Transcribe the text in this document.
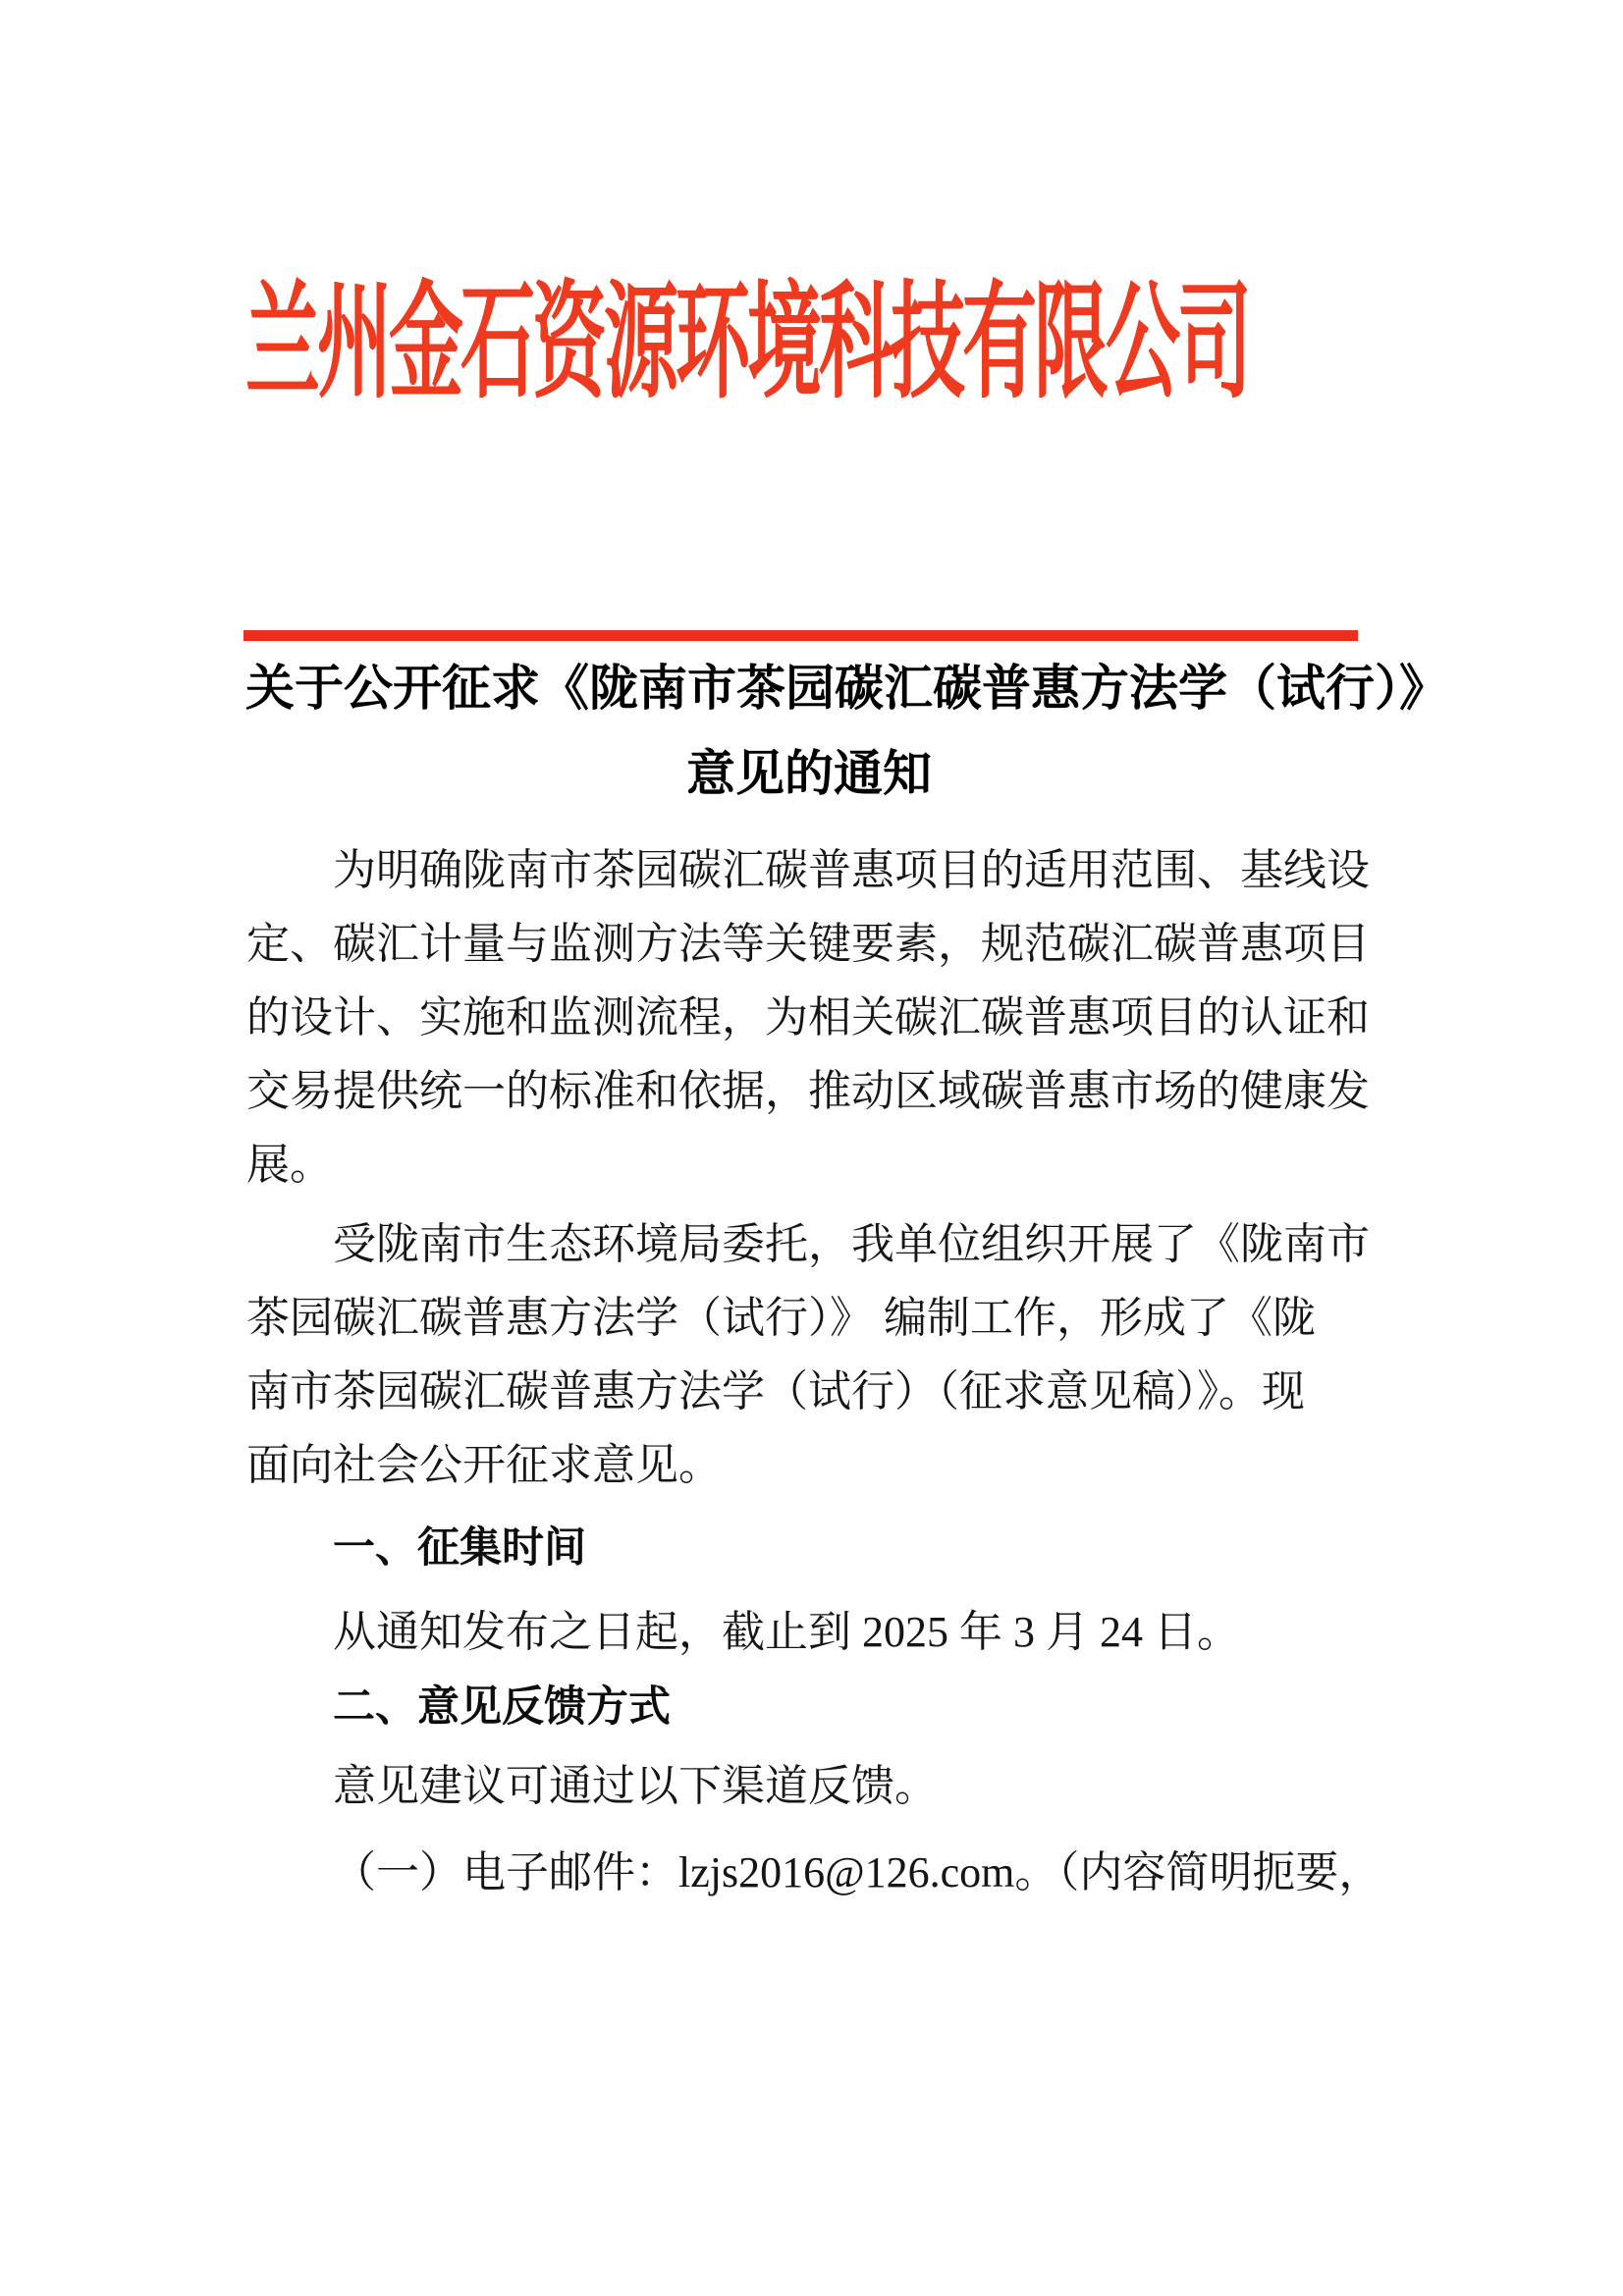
兰州金石资源环境科技有限公司
关于公开征求《陇南市茶园碳汇碳普惠方法学（试行）》
意见的通知
为明确陇南市茶园碳汇碳普惠项目的适用范围、基线设
定、碳汇计量与监测方法等关键要素，规范碳汇碳普惠项目
的设计、实施和监测流程，为相关碳汇碳普惠项目的认证和
交易提供统一的标准和依据，推动区域碳普惠市场的健康发
展。
受陇南市生态环境局委托，我单位组织开展了《陇南市
茶园碳汇碳普惠方法学（试行）》 编制工作，形成了《陇
南市茶园碳汇碳普惠方法学（试行）（征求意见稿）》。现
面向社会公开征求意见。
一、征集时间
从通知发布之日起，截止到 2025 年 3 月 24 日。
二、意见反馈方式
意见建议可通过以下渠道反馈。
（一）电子邮件：lzjs2016@126.com。（内容简明扼要，
